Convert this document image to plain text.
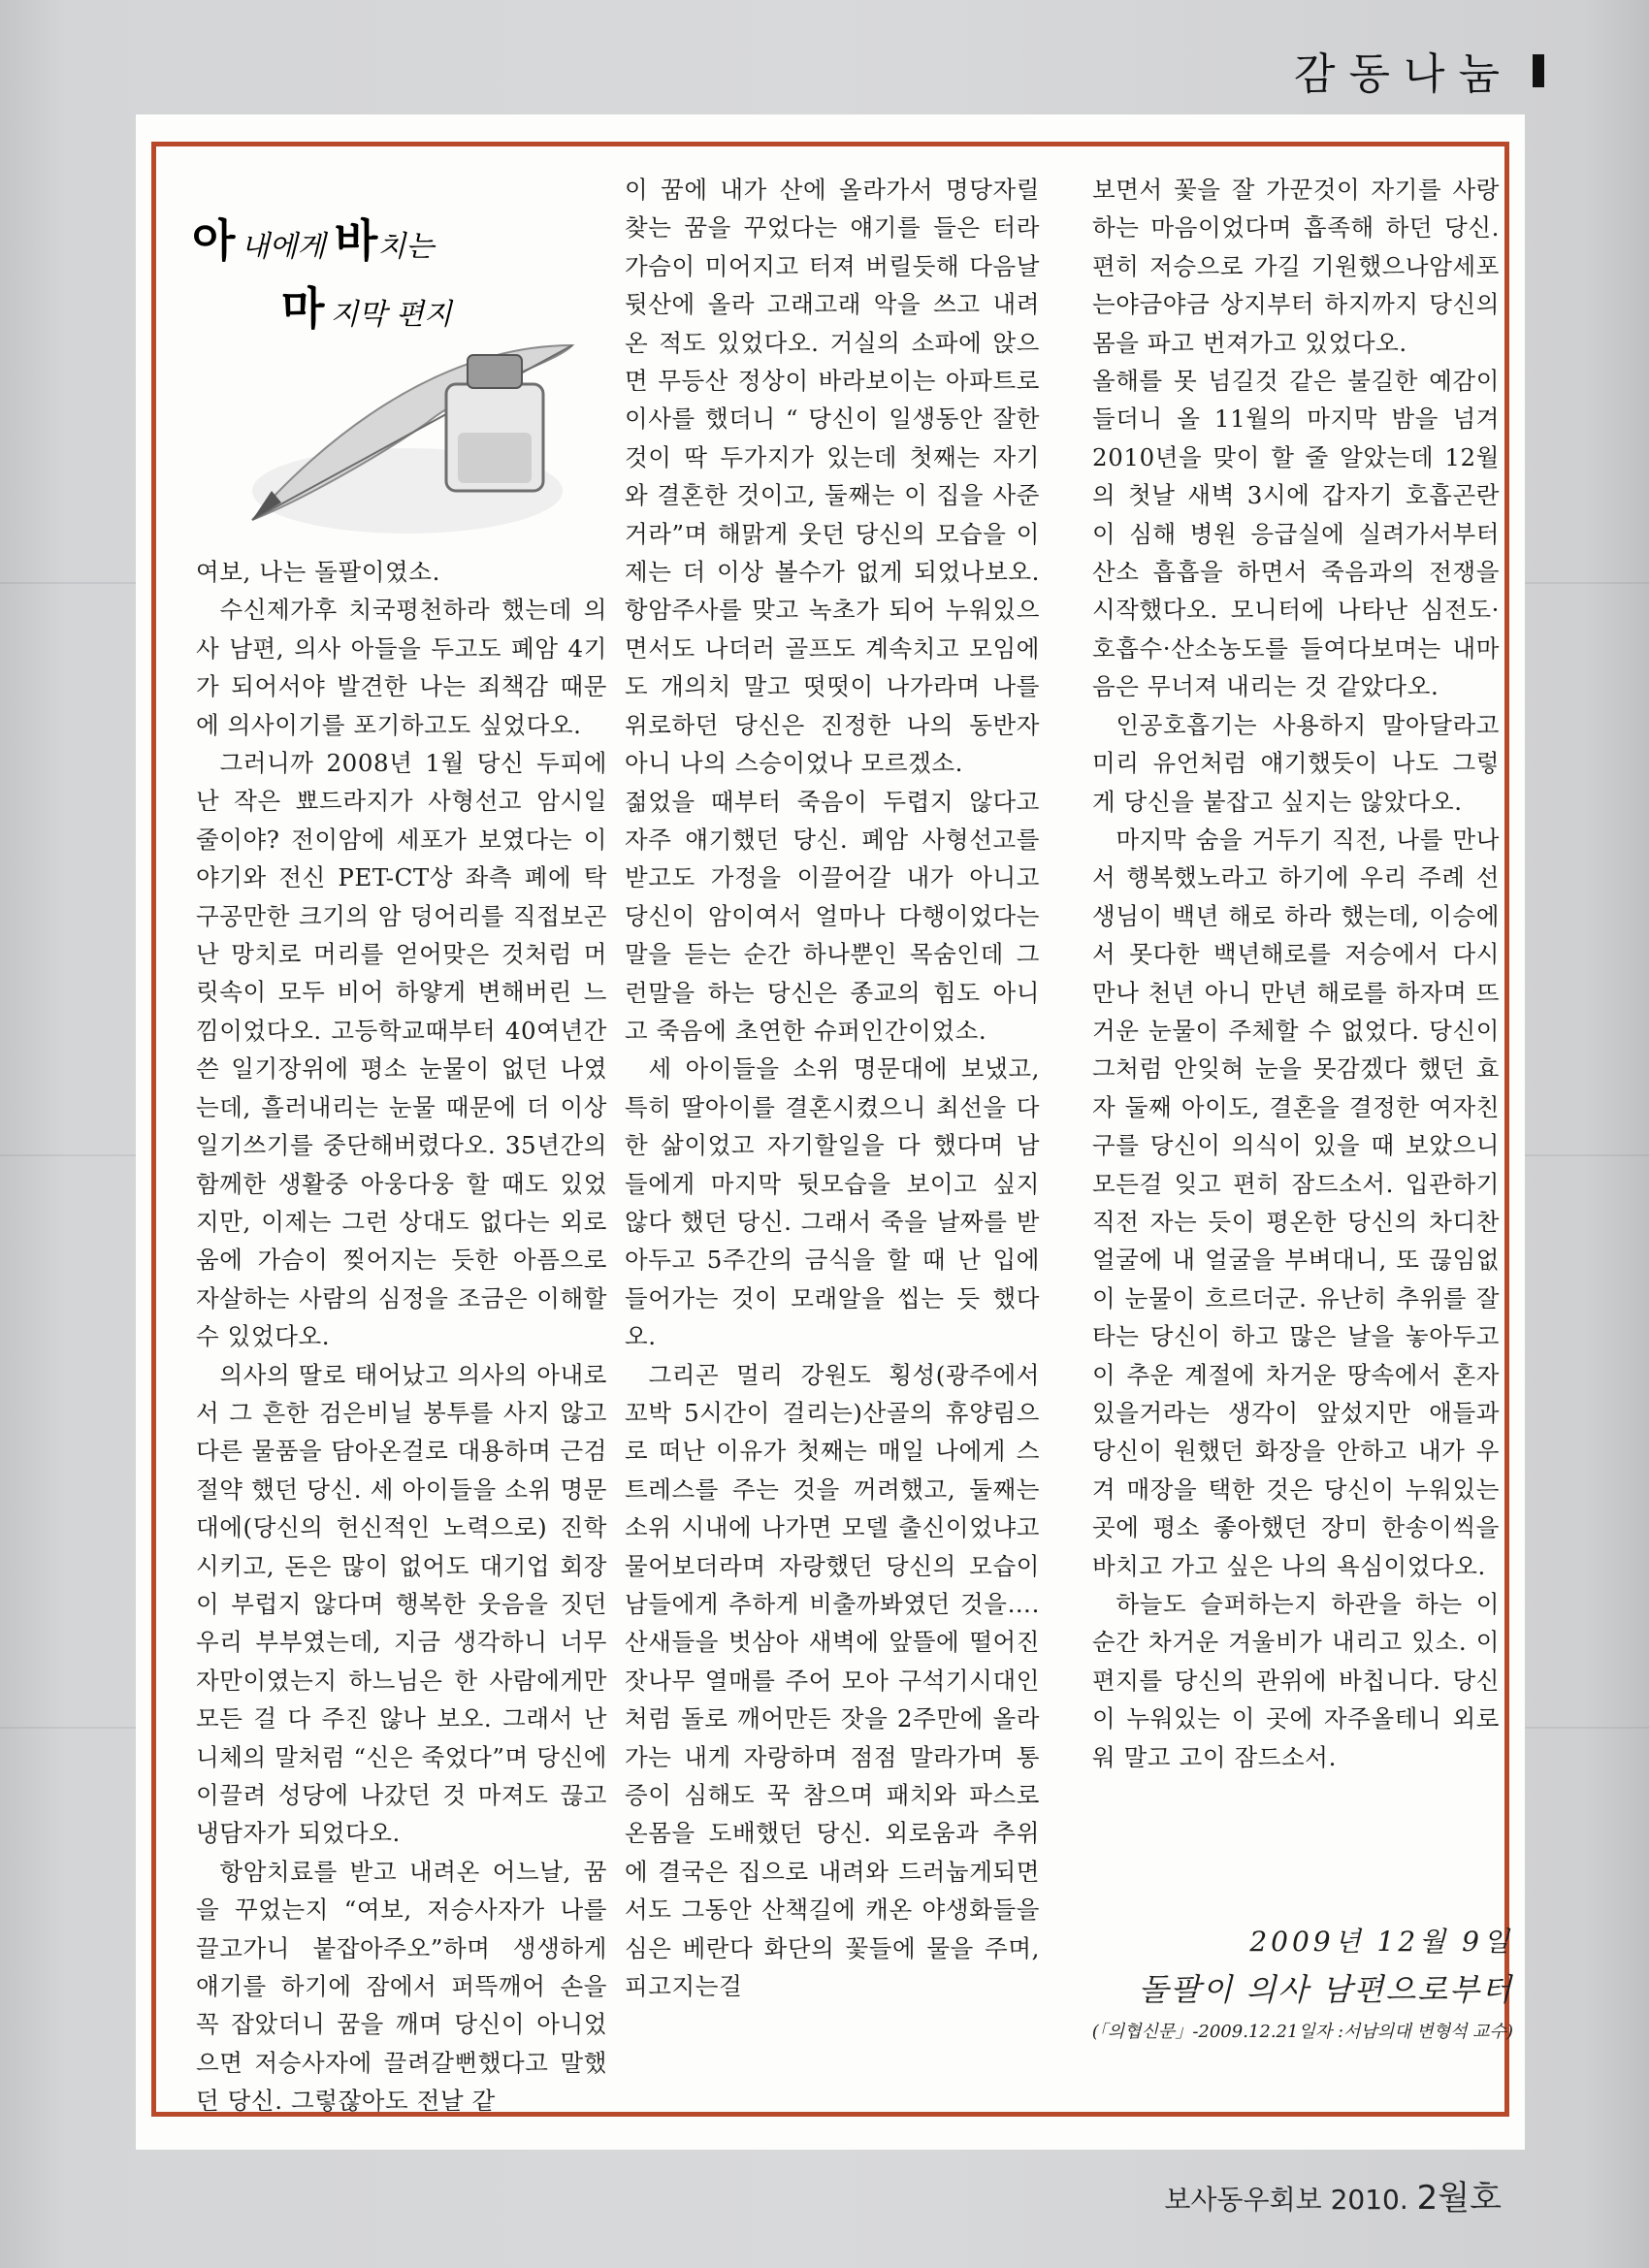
감동나눔
아내에게 바치는
마지막 편지

여보, 나는 돌팔이였소.

수신제가후 치국평천하라 했는데 의사 남편, 의사 아들을 두고도 폐암 4기가 되어서야 발견한 나는 죄책감 때문에 의사이기를 포기하고도 싶었다오.

그러니까 2008년 1월 당신 두피에 난 작은 뾰드라지가 사형선고 암시일 줄이야? 전이암에 세포가 보였다는 이야기와 전신 PET-CT상 좌측 폐에 탁구공만한 크기의 암 덩어리를 직접보곤 난 망치로 머리를 얻어맞은 것처럼 머릿속이 모두 비어 하얗게 변해버린 느낌이었다오. 고등학교때부터 40여년간 쓴 일기장위에 평소 눈물이 없던 나였는데, 흘러내리는 눈물 때문에 더 이상 일기쓰기를 중단해버렸다오. 35년간의 함께한 생활중 아웅다웅 할 때도 있었지만, 이제는 그런 상대도 없다는 외로움에 가슴이 찢어지는 듯한 아픔으로 자살하는 사람의 심정을 조금은 이해할 수 있었다오.

의사의 딸로 태어났고 의사의 아내로서 그 흔한 검은비닐 봉투를 사지 않고 다른 물품을 담아온걸로 대용하며 근검절약 했던 당신. 세 아이들을 소위 명문대에(당신의 헌신적인 노력으로) 진학시키고, 돈은 많이 없어도 대기업 회장이 부럽지 않다며 행복한 웃음을 짓던 우리 부부였는데, 지금 생각하니 너무 자만이였는지 하느님은 한 사람에게만 모든 걸 다 주진 않나 보오. 그래서 난 니체의 말처럼 “신은 죽었다”며 당신에 이끌려 성당에 나갔던 것 마져도 끊고 냉담자가 되었다오.

항암치료를 받고 내려온 어느날, 꿈을 꾸었는지 “여보, 저승사자가 나를 끌고가니 붙잡아주오”하며 생생하게 얘기를 하기에 잠에서 퍼뜩깨어 손을 꼭 잡았더니 꿈을 깨며 당신이 아니었으면 저승사자에 끌려갈뻔했다고 말했던 당신. 그렇잖아도 전날 같

이 꿈에 내가 산에 올라가서 명당자릴 찾는 꿈을 꾸었다는 얘기를 들은 터라 가슴이 미어지고 터져 버릴듯해 다음날 뒷산에 올라 고래고래 악을 쓰고 내려온 적도 있었다오. 거실의 소파에 앉으면 무등산 정상이 바라보이는 아파트로 이사를 했더니 “ 당신이 일생동안 잘한 것이 딱 두가지가 있는데 첫째는 자기와 결혼한 것이고, 둘째는 이 집을 사준거라”며 해맑게 웃던 당신의 모습을 이제는 더 이상 볼수가 없게 되었나보오. 항암주사를 맞고 녹초가 되어 누워있으면서도 나더러 골프도 계속치고 모임에도 개의치 말고 떳떳이 나가라며 나를 위로하던 당신은 진정한 나의 동반자 아니 나의 스승이었나 모르겠소.

젊었을 때부터 죽음이 두렵지 않다고 자주 얘기했던 당신. 폐암 사형선고를 받고도 가정을 이끌어갈 내가 아니고 당신이 암이여서 얼마나 다행이었다는 말을 듣는 순간 하나뿐인 목숨인데 그런말을 하는 당신은 종교의 힘도 아니고 죽음에 초연한 슈퍼인간이었소.

세 아이들을 소위 명문대에 보냈고, 특히 딸아이를 결혼시켰으니 최선을 다한 삶이었고 자기할일을 다 했다며 남들에게 마지막 뒷모습을 보이고 싶지 않다 했던 당신. 그래서 죽을 날짜를 받아두고 5주간의 금식을 할 때 난 입에 들어가는 것이 모래알을 씹는 듯 했다오.

그리곤 멀리 강원도 횡성(광주에서 꼬박 5시간이 걸리는)산골의 휴양림으로 떠난 이유가 첫째는 매일 나에게 스트레스를 주는 것을 꺼려했고, 둘째는 소위 시내에 나가면 모델 출신이었냐고 물어보더라며 자랑했던 당신의 모습이 남들에게 추하게 비출까봐였던 것을…. 산새들을 벗삼아 새벽에 앞뜰에 떨어진 잣나무 열매를 주어 모아 구석기시대인처럼 돌로 깨어만든 잣을 2주만에 올라가는 내게 자랑하며 점점 말라가며 통증이 심해도 꾹 참으며 패치와 파스로 온몸을 도배했던 당신. 외로움과 추위에 결국은 집으로 내려와 드러눕게되면서도 그동안 산책길에 캐온 야생화들을 심은 베란다 화단의 꽃들에 물을 주며, 피고지는걸

보면서 꽃을 잘 가꾼것이 자기를 사랑하는 마음이었다며 흡족해 하던 당신. 편히 저승으로 가길 기원했으나암세포는야금야금 상지부터 하지까지 당신의 몸을 파고 번져가고 있었다오.

올해를 못 넘길것 같은 불길한 예감이 들더니 올 11월의 마지막 밤을 넘겨 2010년을 맞이 할 줄 알았는데 12월의 첫날 새벽 3시에 갑자기 호흡곤란이 심해 병원 응급실에 실려가서부터 산소 흡흡을 하면서 죽음과의 전쟁을 시작했다오. 모니터에 나타난 심전도·호흡수·산소농도를 들여다보며는 내마음은 무너져 내리는 것 같았다오.

인공호흡기는 사용하지 말아달라고 미리 유언처럼 얘기했듯이 나도 그렇게 당신을 붙잡고 싶지는 않았다오.

마지막 숨을 거두기 직전, 나를 만나서 행복했노라고 하기에 우리 주례 선생님이 백년 해로 하라 했는데, 이승에서 못다한 백년해로를 저승에서 다시 만나 천년 아니 만년 해로를 하자며 뜨거운 눈물이 주체할 수 없었다. 당신이 그처럼 안잊혀 눈을 못감겠다 했던 효자 둘째 아이도, 결혼을 결정한 여자친구를 당신이 의식이 있을 때 보았으니 모든걸 잊고 편히 잠드소서. 입관하기 직전 자는 듯이 평온한 당신의 차디찬 얼굴에 내 얼굴을 부벼대니, 또 끊임없이 눈물이 흐르더군. 유난히 추위를 잘 타는 당신이 하고 많은 날을 놓아두고 이 추운 계절에 차거운 땅속에서 혼자있을거라는 생각이 앞섰지만 애들과 당신이 원했던 화장을 안하고 내가 우겨 매장을 택한 것은 당신이 누워있는 곳에 평소 좋아했던 장미 한송이씩을 바치고 가고 싶은 나의 욕심이었다오.

하늘도 슬퍼하는지 하관을 하는 이 순간 차거운 겨울비가 내리고 있소. 이 편지를 당신의 관위에 바칩니다. 당신이 누워있는 이 곳에 자주올테니 외로워 말고 고이 잠드소서.

2009년 12월 9일
돌팔이 의사 남편으로부터
(「의협신문」-2009.12.21일자 :서남의대 변형석 교수)
보사동우회보 2010. 2월호
